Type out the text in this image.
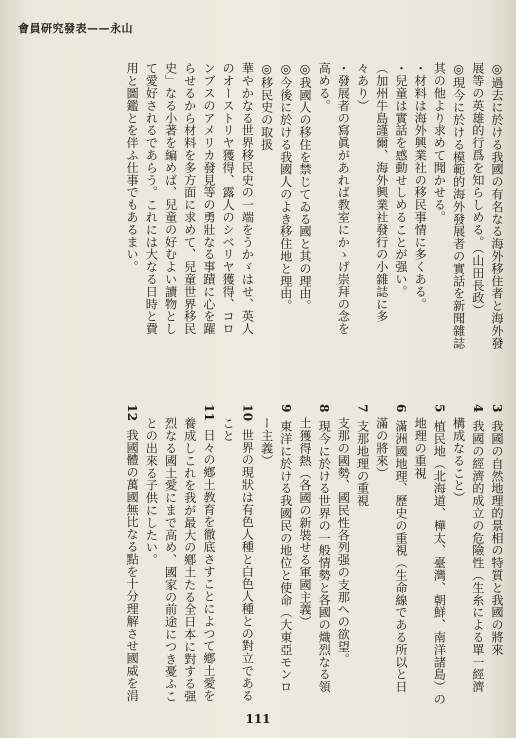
會員研究發表——永山

◎過去に於ける我國の有名なる海外移住者と海外發

展等の英雄的行爲を知らしめる。（山田長政）

◎現今に於ける模範的海外發展者の實話を新聞雜誌

其の他より求めて聞かせる。

・材料は海外興業社の移民事情に多くある。

・兒童は實話を感動せしめることが强い。

（加州牛島謹爾、海外興業社發行の小雜誌に多

々あり）

・發展者の寫眞があれば教室にかゝげ崇拜の念を

高める。

◎我國人の移住を禁じてゐる國と其の理由。

◎今後に於ける我國人のよき移住地と理由。

◎移民史の取扱

華やかなる世界移民史の一端をうかゞはせ、英人

のオーストリヤ獲得、露人のシベリヤ獲得、コロ

ンブスのアメリカ發見等の勇壯なる事蹟に心を躍

らせるから材料を多方面に求めて、兒童世界移民

史」なる小著を編めば、兒童の好むよい讀物とし

て愛好されるであらう。これには大なる日時と費

用と圖鑑とを伴ふ仕事でもあるまい。

3我國の自然地理的景相の特質と我國の將來

4我國の經濟的成立の危險性（生糸による單一經濟

構成なること）

5植民地（北海道、樺太、臺灣、朝鮮、南洋諸島）の

地理の重視

6滿洲國地理、歷史の重視（生命線である所以と日

滿の將來）

7支那地理の重視

支那の國勢、國民性各列强の支那への欲望。

8現今に於ける世界の一般情勢と各國の熾烈なる領

土獲得熱（各國の新裝せる軍國主義）

9東洋に於ける我國民の地位と使命（大東亞モンロ

ー主義）

10世界の現狀は有色人種と白色人種との對立である

こと

11日々の鄕土教育を徹底さすことによつて鄕土愛を

養成しこれを我が最大の鄕土たる全日本に對する强

烈なる國土愛にまで高め、國家の前途につき憂ふこ

との出來る子供にしたい。

12我國體の萬國無比なる點を十分理解させ國威を涓

111
